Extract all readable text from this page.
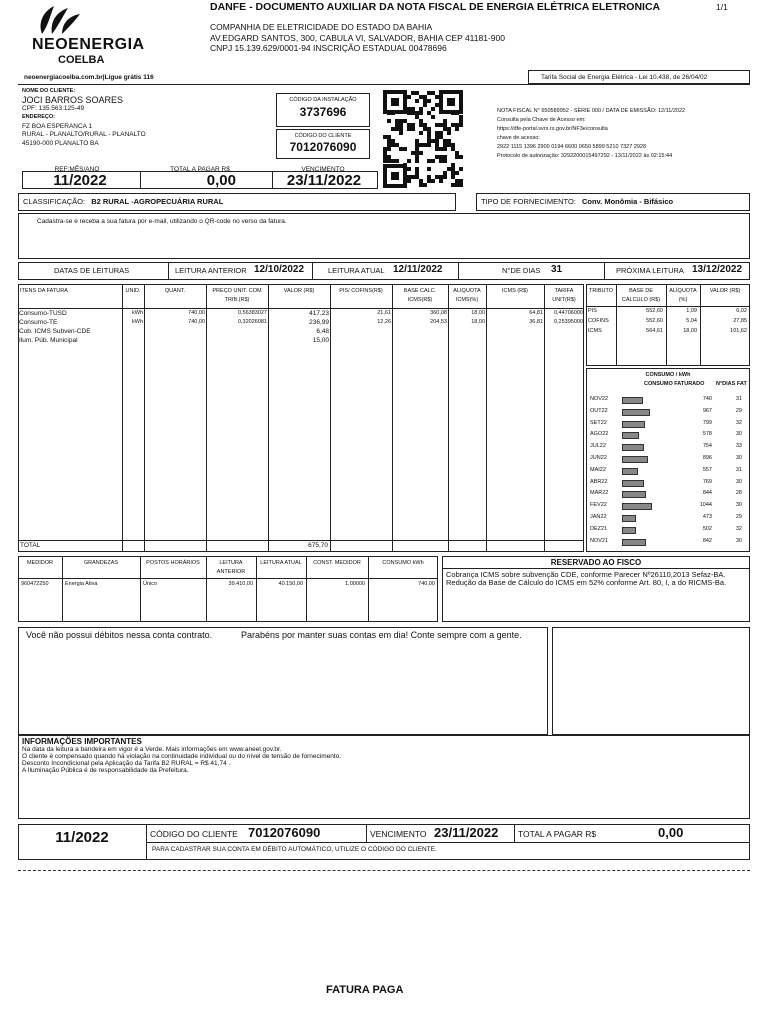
NEOENERGIA
COELBA
DANFE - DOCUMENTO AUXILIAR DA NOTA FISCAL DE ENERGIA ELÉTRICA ELETRONICA	1/1
COMPANHIA DE ELETRICIDADE DO ESTADO DA BAHIA
AV.EDGARD SANTOS, 300, CABULA VI, SALVADOR, BAHIA CEP 41181-900
CNPJ 15.139.629/0001-94 INSCRIÇÃO ESTADUAL 00478696
neoenergiacoelba.com.br|Ligue grátis 116	Tarifa Social de Energia Elétrica - Lei 10.438, de 26/04/02
NOME DO CLIENTE:
JOCI BARROS SOARES
CPF: 135.563.125-49
ENDEREÇO:
FZ BOA ESPERANCA 1
RURAL - PLANALTO/RURAL - PLANALTO
45190-000 PLANALTO BA
CÓDIGO DA INSTALAÇÃO
3737696
CÓDIGO DO CLIENTE
7012076090
NOTA FISCAL N° 650589952 - SÉRIE 000 / DATA DE EMISSÃO: 12/11/2022
Consulta pela Chave de Acesso em:
https://dfe-portal.svrs.rs.gov.br/NF3e/consulta
chave de acesso:
2922 1115 1396 2900 0194 6600 0650 5899 5210 7327 2928
Protocolo de autorização: 3292200015497292 - 13/11/2022 às 02:15:44
REF:MÊS/ANO	TOTAL A PAGAR R$	VENCIMENTO
11/2022	0,00	23/11/2022
CLASSIFICAÇÃO: B2 RURAL -AGROPECUÁRIA RURAL	TIPO DE FORNECIMENTO: Conv. Monômia - Bifásico
Cadastra-se e receba a sua fatura por e-mail, utilizando o QR-code no verso da fatura.
DATAS DE LEITURAS	LEITURA ANTERIOR 12/10/2022	LEITURA ATUAL 12/11/2022	N°DE DIAS 31	PRÓXIMA LEITURA 13/12/2022
ITENS DA FATURA	UNID.	QUANT.	PREÇO UNIT. COM TRIB.(R$)
VALOR (R$)	PIS/ COFINS(R$)	BASE CALC. ICMS(R$)
ALIQUOTA ICMS(%)
ICMS (R$)	TARIFA UNIT(R$)
Consumo-TUSD	kWh	740,00	0,56383027	417,23	21,61	360,08	18,00	64,81	0,44706000
Consumo-TE	kWh	740,00	0,32026081	236,99	12,26	204,53	18,00	36,81	0,25395000
Cob. ICMS Subven-CDE	6,48
Ilum. Púb. Municipal	15,00
TOTAL	675,70
TRIBUTO	BASE DE CÁLCULO (R$)
ALÍQUOTA (%)
VALOR (R$)
PIS	552,60	1,09	6,02
COFINS	552,60	5,04	27,85
ICMS	564,61	18,00	101,62
CONSUMO / kWh
CONSUMO FATURADO N°DIAS FAT
NOV22	740	31
OUT22	967	29
SET22	799	32
AGO22	578	30
JUL22	754	33
JUN22	896	30
MAI22	557	31
ABR22	769	30
MAR22	844	28
FEV22	1044	30
JAN22	473	29
DEZ21	502	32
NOV21	842	30
MEDIDOR	GRANDEZAS	POSTOS HORÁRIOS	LEITURA ANTERIOR
LEITURA ATUAL	CONST. MEDIDOR	CONSUMO kWh
960472250	Energia Ativa	Único	39.410,00	40.150,00	1,00000	740,00
RESERVADO AO FISCO
Cobrança ICMS sobre subvenção CDE, conforme Parecer Nº26110,2013 Sefaz-BA.
Redução da Base de Cálculo do ICMS em 52% conforme Art. 80, I, a do RICMS-Ba.
Você não possui débitos nessa conta contrato.	Parabéns por manter suas contas em dia! Conte sempre com a gente.
INFORMAÇÕES IMPORTANTES
Na data da leitura a bandeira em vigor é a Verde. Mais informações em www.aneel.gov.br.
O cliente é compensado quando há violação na continuidade individual ou do nível de tensão de fornecimento.
Desconto Incondicional pela Aplicação da Tarifa B2 RURAL = R$ 41,74 .
A Iluminação Pública é de responsabilidade da Prefeitura.
11/2022	CÓDIGO DO CLIENTE 7012076090	VENCIMENTO 23/11/2022 TOTAL A PAGAR R$	0,00
PARA CADASTRAR SUA CONTA EM DÉBITO AUTOMÁTICO, UTILIZE O CÓDIGO DO CLIENTE.
FATURA PAGA
